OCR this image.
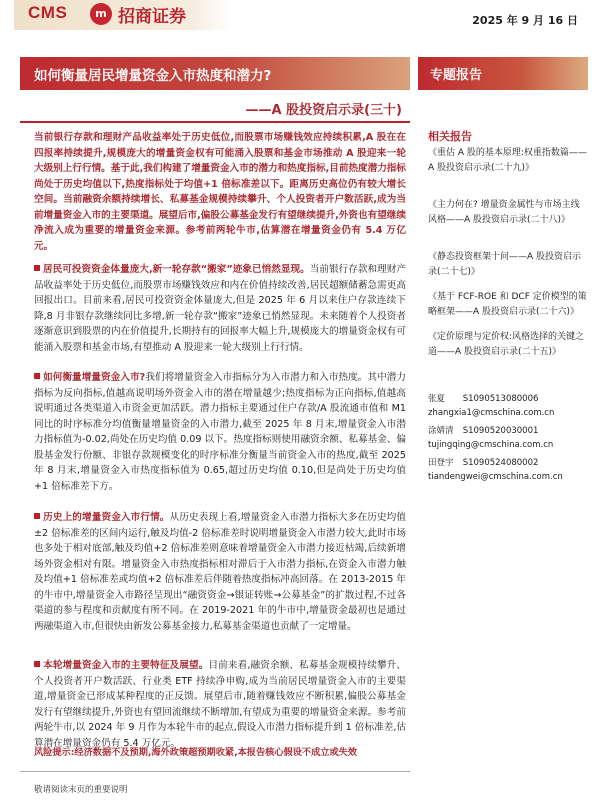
CMS	m 招商证券	2025 年 9 月 16 日
如何衡量居民增量资金入市热度和潜力?
——A 股投资启示录(三十)
专题报告
相关报告
《重估 A 股的基本原理:权重指数篇——A 股投资启示录(二十九)》
《主力何在? 增量资金属性与市场主线风格——A 股投资启示录(二十八)》
《静态投资框架十问——A 股投资启示录(二十七)》
《基于 FCF-ROE 和 DCF 定价模型的策略框架——A 股投资启示录(二十六)》
《定价原理与定价权:风格选择的关键之道——A 股投资启示录(二十五)》
张夏 S1090513080006
zhangxia1@cmschina.com.cn
涂婧清 S1090520030001
tujingqing@cmschina.com.cn
田登宇 S1090524080002
tiandengwei@cmschina.com.cn
当前银行存款和理财产品收益率处于历史低位,而股票市场赚钱效应持续积累,A 股在在四报率持续提升,规模庞大的增量资金权有可能涌入股票和基金市场推动 A 股迎来一轮大级别上行行情。基于此,我们构建了增量资金入市的潜力和热度指标,目前热度潜力指标尚处于历史均值以下,热度指标处于均值+1 倍标准差以下。距离历史高位仍有较大增长空间。当前融资余额持续增长、私募基金规模持续攀升、个人投资者开户数活跃,成为当前增量资金入市的主要渠道。展望后市,偏股公募基金发行有望继续提升,外资也有望继续净流入成为重要的增量资金来源。参考前两轮牛市,估算潜在增量资金仍有 5.4 万亿元。
居民可投资资金体量庞大,新一轮存款“搬家”迹象已悄然显现。当前银行存款和理财产品收益率处于历史低位,而股票市场赚钱效应和内在价值持续改善,居民超额储蓄急需更高回报出口。目前来看,居民可投资资金体量庞大,但是 2025 年 6 月以来住户存款连续下降,8 月非银存款继续同比多增,新一轮存款“搬家”迹象已悄然显现。未来随着个人投资者逐渐意识到股票的内在价值提升,长期持有的回报率大幅上升,规模庞大的增量资金权有可能涌入股票和基金市场,有望推动 A 股迎来一轮大级别上行行情。
如何衡量增量资金入市?我们将增量资金入市指标分为入市潜力和入市热度。其中潜力指标为反向指标,值越高说明场外资金入市的潜在增量越少;热度指标为正向指标,值越高说明通过各类渠道入市资金更加活跃。潜力指标主要通过住户存款/A 股流通市值和 M1 同比的时序标准分均值衡量增量资金的入市潜力,截至 2025 年 8 月末,增量资金入市潜力指标值为-0.02,尚处在历史均值 0.09 以下。热度指标则使用融资余额、私募基金、偏股基金发行份额、非银存款规模变化的时序标准分衡量当前资金入市的热度,截至 2025 年 8 月末,增量资金入市热度指标值为 0.65,超过历史均值 0.10,但是尚处于历史均值+1 倍标准差下方。
历史上的增量资金入市行情。从历史表现上看,增量资金入市潜力指标大多在历史均值±2 倍标准差的区间内运行,触及均值-2 倍标准差时说明增量资金入市潜力较大,此时市场也多处于相对底部,触及均值+2 倍标准差则意味着增量资金入市潜力接近枯竭,后续新增场外资金相对有限。增量资金入市热度指标相对滞后于入市潜力指标,在资金入市潜力触及均值+1 倍标准差或均值+2 倍标准差后伴随着热度指标冲高回落。在 2013-2015 年的牛市中,增量资金入市路径呈现出“融资资金→银证转账→公募基金”的扩散过程,不过各渠道的参与程度和贡献度有所不同。在 2019-2021 年的牛市中,增量资金最初也是通过两融渠道入市,但很快由新发公募基金接力,私募基金渠道也贡献了一定增量。
本轮增量资金入市的主要特征及展望。目前来看,融资余额、私募基金规模持续攀升、个人投资者开户数活跃、行业类 ETF 持续净申购,成为当前居民增量资金入市的主要渠道,增量资金已形成某种程度的正反馈。展望后市,随着赚钱效应不断积累,偏股公募基金发行有望继续提升,外资也有望回流继续不断增加,有望成为重要的增量资金来源。参考前两轮牛市,以 2024 年 9 月作为本轮牛市的起点,假设入市潜力指标提升到 1 倍标准差,估算潜在增量资金仍有 5.4 万亿元。
风险提示:经济数据不及预期,海外政策超预期收紧,本报告核心假设不成立或失效
敬请阅读末页的重要说明
